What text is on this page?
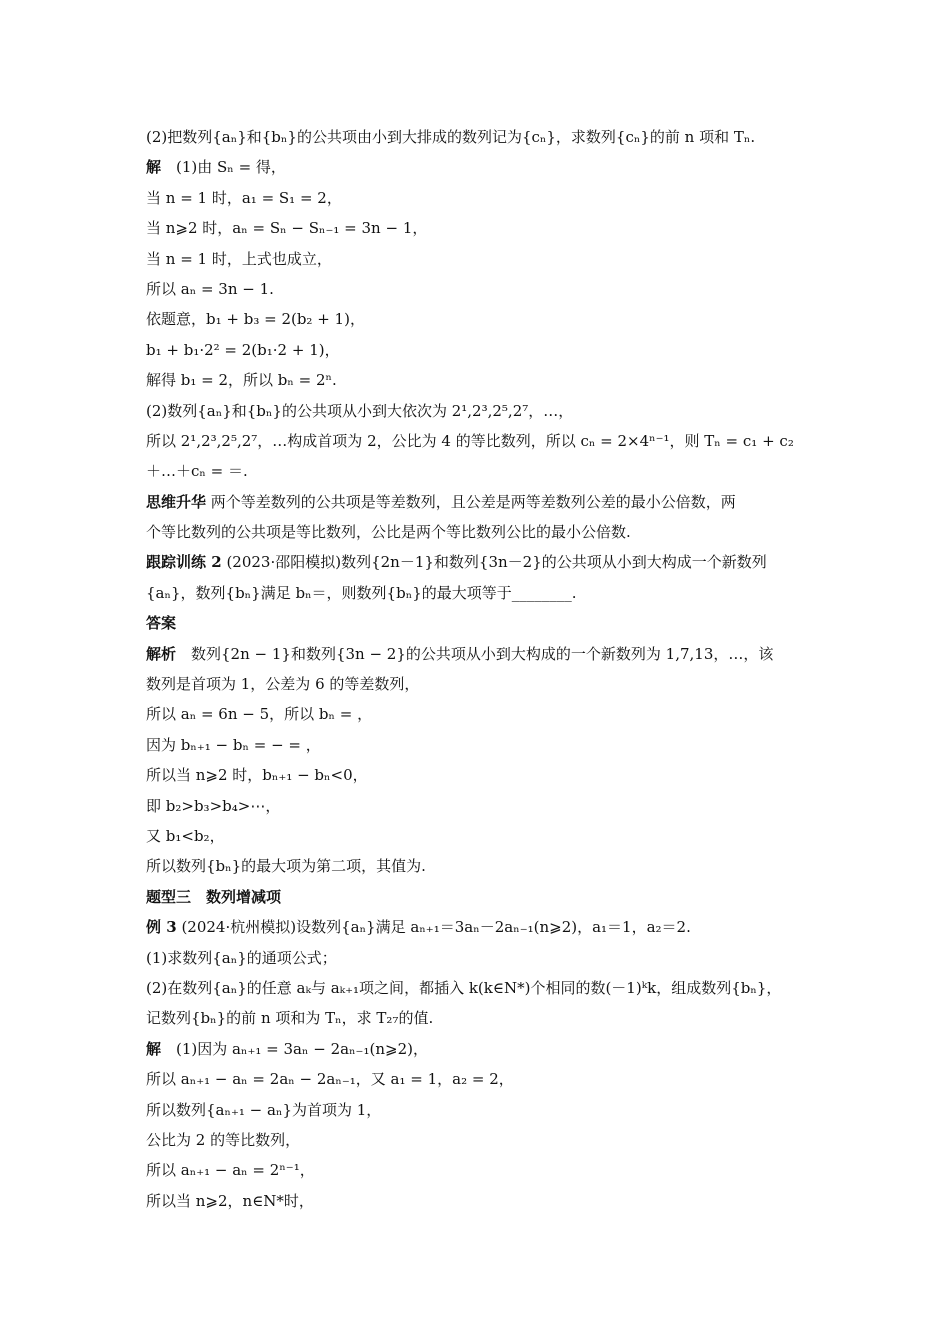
(2)把数列{aₙ}和{bₙ}的公共项由小到大排成的数列记为{cₙ}，求数列{cₙ}的前 n 项和 Tₙ.
解　(1)由 Sₙ = 得，
当 n = 1 时，a₁ = S₁ = 2，
当 n⩾2 时，aₙ = Sₙ − Sₙ₋₁ = 3n − 1，
当 n = 1 时，上式也成立，
所以 aₙ = 3n − 1.
依题意，b₁ + b₃ = 2(b₂ + 1)，
b₁ + b₁·2² = 2(b₁·2 + 1)，
解得 b₁ = 2，所以 bₙ = 2ⁿ.
(2)数列{aₙ}和{bₙ}的公共项从小到大依次为 2¹,2³,2⁵,2⁷，…，
所以 2¹,2³,2⁵,2⁷，…构成首项为 2，公比为 4 的等比数列，所以 cₙ = 2×4ⁿ⁻¹，则 Tₙ = c₁ + c₂
＋…＋cₙ = ＝.
思维升华 两个等差数列的公共项是等差数列，且公差是两等差数列公差的最小公倍数，两
个等比数列的公共项是等比数列，公比是两个等比数列公比的最小公倍数.
跟踪训练 2 (2023·邵阳模拟)数列{2n－1}和数列{3n－2}的公共项从小到大构成一个新数列
{aₙ}，数列{bₙ}满足 bₙ＝，则数列{bₙ}的最大项等于________.
答案
解析　数列{2n − 1}和数列{3n − 2}的公共项从小到大构成的一个新数列为 1,7,13，…，该
数列是首项为 1，公差为 6 的等差数列，
所以 aₙ = 6n − 5，所以 bₙ = ，
因为 bₙ₊₁ − bₙ = − = ，
所以当 n⩾2 时，bₙ₊₁ − bₙ<0，
即 b₂>b₃>b₄>⋯，
又 b₁<b₂，
所以数列{bₙ}的最大项为第二项，其值为.
题型三　数列增减项
例 3 (2024·杭州模拟)设数列{aₙ}满足 aₙ₊₁＝3aₙ－2aₙ₋₁(n⩾2)，a₁＝1，a₂＝2.
(1)求数列{aₙ}的通项公式；
(2)在数列{aₙ}的任意 aₖ与 aₖ₊₁项之间，都插入 k(k∈N*)个相同的数(－1)ᵏk，组成数列{bₙ}，
记数列{bₙ}的前 n 项和为 Tₙ，求 T₂₇的值.
解　(1)因为 aₙ₊₁ = 3aₙ − 2aₙ₋₁(n⩾2)，
所以 aₙ₊₁ − aₙ = 2aₙ − 2aₙ₋₁，又 a₁ = 1，a₂ = 2，
所以数列{aₙ₊₁ − aₙ}为首项为 1，
公比为 2 的等比数列，
所以 aₙ₊₁ − aₙ = 2ⁿ⁻¹，
所以当 n⩾2，n∈N*时，
